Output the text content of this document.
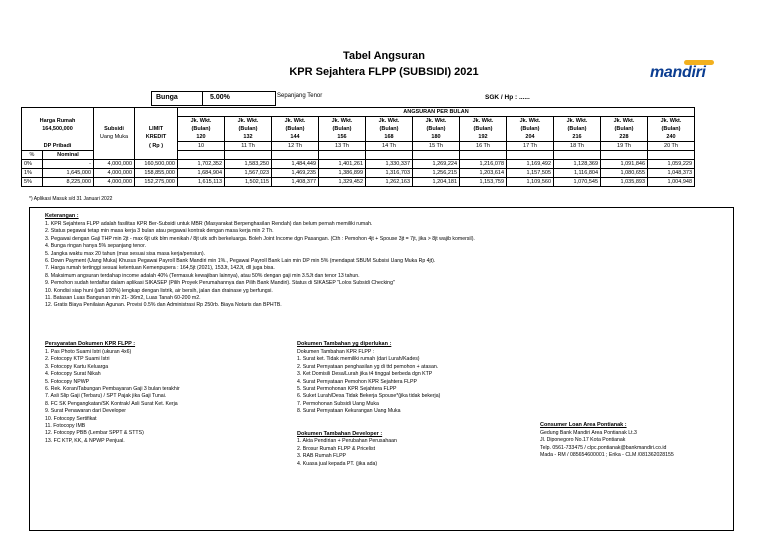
Tabel Angsuran
KPR Sejahtera FLPP (SUBSIDI) 2021	mandiri
Bunga	5.00%	Sepanjang Tenor	SGK / Hp : ......
				ANGSURAN PER BULAN										
Harga Rumah				Jk. Wkt.	Jk. Wkt.	Jk. Wkt.	Jk. Wkt.	Jk. Wkt.	Jk. Wkt.	Jk. Wkt.	Jk. Wkt.	Jk. Wkt.	Jk. Wkt.	Jk. Wkt.
164,500,000		Subsidi	LIMIT	(Bulan)	(Bulan)	(Bulan)	(Bulan)	(Bulan)	(Bulan)	(Bulan)	(Bulan)	(Bulan)	(Bulan)	(Bulan)
		Uang Muka	KREDIT	120	132	144	156	168	180	192	204	216	228	240
DP Pribadi			( Rp )	10	11 Th	12 Th	13 Th	14 Th	15 Th	16 Th	17 Th	18 Th	19 Th	20 Th
%	Nominal													
0%	-	4,000,000	160,500,000	1,702,352	1,583,250	1,484,449	1,401,261	1,330,337	1,269,224	1,216,078	1,169,492	1,128,369	1,091,846	1,059,229
1%	1,645,000	4,000,000	158,855,000	1,684,904	1,567,023	1,469,235	1,386,899	1,316,703	1,256,215	1,203,614	1,157,505	1,116,804	1,080,655	1,048,373
5%	8,225,000	4,000,000	152,275,000	1,615,113	1,502,115	1,408,377	1,329,452	1,262,163	1,204,181	1,153,759	1,109,560	1,070,545	1,035,893	1,004,948
*) Aplikasi Masuk s/d 31 Januari 2022
Keterangan :
1. KPR Sejahtera FLPP adalah fasilitas KPR Ber-Subsidi untuk MBR (Masyarakat Berpenghasilan Rendah) dan belum pernah memiliki rumah.
2. Status pegawai tetap min masa kerja 3 bulan atau pegawai kontrak dengan masa kerja min 2 Th.
3. Pegawai dengan Gaji THP min 2jt - max 6jt utk blm menikah / 8jt utk sdh berkeluarga. Boleh Joint Income dgn Pasangan. (Cth : Pemohon 4jt + Spouse 3jt = 7jt, jika > 8jt wajib komersil).
4. Bunga ringan hanya 5% sepanjang tenor.
5. Jangka waktu max 20 tahun (max sesuai sisa masa kerja/pensiun).
6. Down Payment (Uang Muka) Khusus Pegawai Payroll Bank Mandiri min 1%., Pegawai Payroll Bank Lain min DP min 5% (mendapat SBUM Subsisi Uang Muka Rp 4jt).
7. Harga rumah tertinggi sesuai ketentuan Kemenpupera : 164,5jt (2021), 153Jt, 142Jt, dll juga bisa.
8. Maksimum angsuran terdahap income adalah 40% (Termasuk kewajiban lainnya), atau 50% dengan gaji min 3.5Jt dan tenor 13 tahun.
9. Pemohon sudah terdaftar dalam aplikasi SIKASEP (Pilih Proyek Perumahannya dan Pilih Bank Mandiri). Status di SIKASEP "Lolos Subsidi Checking"
10. Kondisi siap huni (jadi 100%) lengkap dengan listrik, air bersih, jalan dan drainase yg berfungsi.
11. Batasan Luas Bangunan min 21- 36m2, Luas Tanah 60-200 m2.
12. Gratis Biaya Penilaian Agunan. Provisi 0.5% dan Administrasi Rp 250rb. Biaya Notaris dan BPHTB.
Persyaratan Dokumen KPR FLPP :
1. Pas Photo Suami Istri (ukuran 4x6)
2. Fotocopy KTP Suami Istri
3. Fotocopy Kartu Keluarga
4. Fotocopy Surat Nikah
5. Fotocopy NPWP
6. Rek. Koran/Tabungan Pembayaran Gaji 3 bulan terakhir
7. Asli Slip Gaji (Terbaru) / SPT Pajak jika Gaji Tunai.
8. FC SK Pengangkatan/SK Kontrak/ Asli Surat Ket. Kerja
9. Surat Penawaran dari Developer
10. Fotocopy Sertifikat
11. Fotocopy IMB
12. Fotocopy PBB (Lembar SPPT & STTS)
13. FC KTP, KK, & NPWP Penjual.
Dokumen Tambahan yg diperlukan :
Dokumen Tambahan KPR FLPP :
1. Surat ket. Tidak memiliki rumah (dari Lurah/Kades)
2. Surat Pernyataan penghasilan yg di ttd pemohon + atasan.
3. Ket Domisili Desa/Lurah jika t4 tinggal berbeda dgn KTP
4. Surat Pernyataan Pemohon KPR Sejahtera FLPP
5. Surat Permohonan KPR Sejahtera FLPP
6. Suket Lurah/Desa Tidak Bekerja Spouse*(jika tidak bekerja)
7. Permohonan Subsidi Uang Muka
8. Surat Pernyataan Kekurangan Uang Muka
Dokumen Tambahan Developer :
1. Akta Pendirian + Perubahan Perusahaan
2. Brosur Rumah FLPP & Pricelist
3. RAB Rumah FLPP
4. Kuasa jual kepada PT. (jika ada)
Consumer Loan Area Pontianak :
Gedung Bank Mandiri Area Pontianak Lt.3
Jl. Diponegoro No.17 Kota Pontianak
Telp. 0561-733475 / clpc.pontianak@bankmandiri.co.id
Mada - RM / 085654600001 ; Erika - CLM /081362028155
